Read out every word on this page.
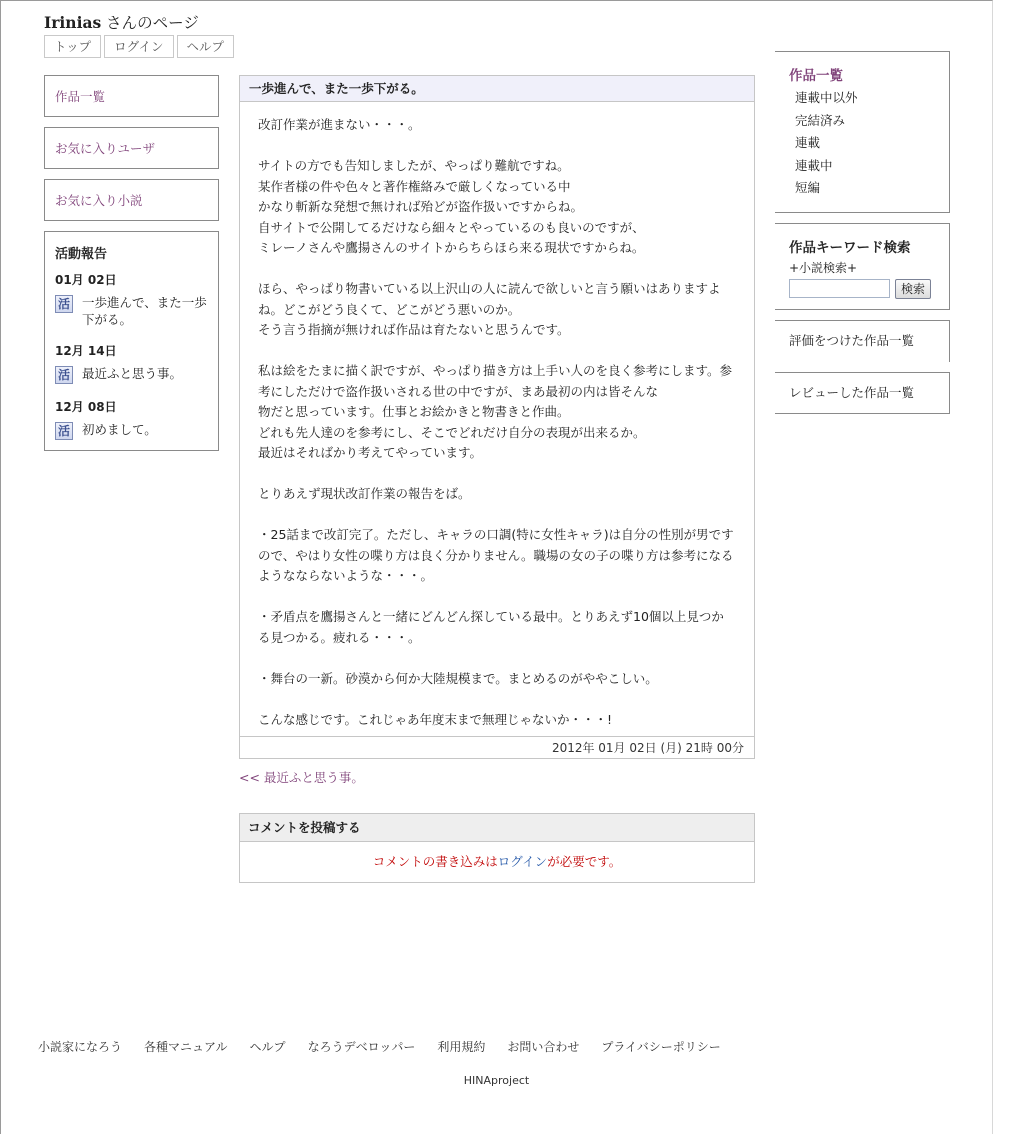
Irinias さんのページ
トップ	ログイン	ヘルプ
作品一覧
お気に入りユーザ
お気に入り小説
活動報告
01月 02日
活 一歩進んで、また一歩下がる。
12月 14日
活 最近ふと思う事。
12月 08日
活 初めまして。
一歩進んで、また一歩下がる。

改訂作業が進まない・・・。

サイトの方でも告知しましたが、やっぱり難航ですね。

某作者様の件や色々と著作権絡みで厳しくなっている中

かなり斬新な発想で無ければ殆どが盗作扱いですからね。

自サイトで公開してるだけなら細々とやっているのも良いのですが、

ミレーノさんや鷹揚さんのサイトからちらほら来る現状ですからね。

ほら、やっぱり物書いている以上沢山の人に読んで欲しいと言う願いはありますよね。どこがどう良くて、どこがどう悪いのか。

そう言う指摘が無ければ作品は育たないと思うんです。

私は絵をたまに描く訳ですが、やっぱり描き方は上手い人のを良く参考にします。参考にしただけで盗作扱いされる世の中ですが、まあ最初の内は皆そんな

物だと思っています。仕事とお絵かきと物書きと作曲。

どれも先人達のを参考にし、そこでどれだけ自分の表現が出来るか。

最近はそればかり考えてやっています。

とりあえず現状改訂作業の報告をば。

・25話まで改訂完了。ただし、キャラの口調(特に女性キャラ)は自分の性別が男ですので、やはり女性の喋り方は良く分かりません。職場の女の子の喋り方は参考になるようなならないような・・・。

・矛盾点を鷹揚さんと一緒にどんどん探している最中。とりあえず10個以上見つかる見つかる。疲れる・・・。

・舞台の一新。砂漠から何か大陸規模まで。まとめるのがややこしい。

こんな感じです。これじゃあ年度末まで無理じゃないか・・・!

2012年 01月 02日 (月) 21時 00分
<< 最近ふと思う事。
コメントを投稿する
コメントの書き込みはログインが必要です。
作品一覧
連載中以外
完結済み
連載
連載中
短編
作品キーワード検索
+小説検索+
検索
評価をつけた作品一覧
レビューした作品一覧
小説家になろう 各種マニュアル ヘルプ なろうデベロッパー 利用規約 お問い合わせ プライバシーポリシー
HINAproject
